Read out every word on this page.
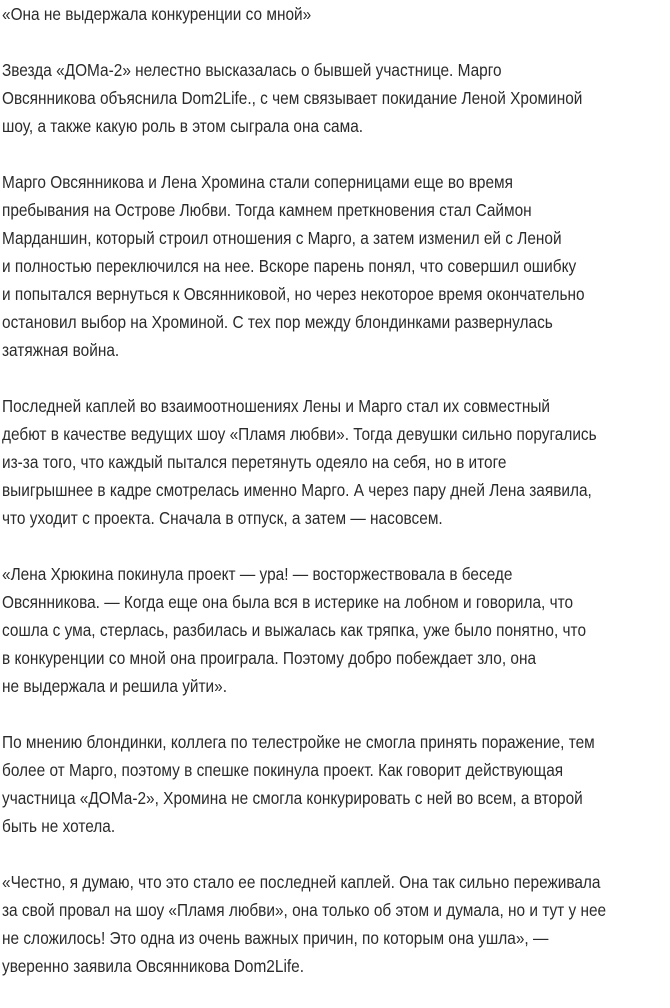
«Она не выдержала конкуренции со мной»

Звезда «ДОМа-2» нелестно высказалась о бывшей участнице. Марго
Овсянникова объяснила Dom2Life., с чем связывает покидание Леной Хроминой
шоу, а также какую роль в этом сыграла она сама.

Марго Овсянникова и Лена Хромина стали соперницами еще во время
пребывания на Острове Любви. Тогда камнем преткновения стал Саймон
Марданшин, который строил отношения с Марго, а затем изменил ей с Леной
и полностью переключился на нее. Вскоре парень понял, что совершил ошибку
и попытался вернуться к Овсянниковой, но через некоторое время окончательно
остановил выбор на Хроминой. С тех пор между блондинками развернулась
затяжная война.

Последней каплей во взаимоотношениях Лены и Марго стал их совместный
дебют в качестве ведущих шоу «Пламя любви». Тогда девушки сильно поругались
из-за того, что каждый пытался перетянуть одеяло на себя, но в итоге
выигрышнее в кадре смотрелась именно Марго. А через пару дней Лена заявила,
что уходит с проекта. Сначала в отпуск, а затем — насовсем.

«Лена Хрюкина покинула проект — ура! — восторжествовала в беседе
Овсянникова. — Когда еще она была вся в истерике на лобном и говорила, что
сошла с ума, стерлась, разбилась и выжалась как тряпка, уже было понятно, что
в конкуренции со мной она проиграла. Поэтому добро побеждает зло, она
не выдержала и решила уйти».

По мнению блондинки, коллега по телестройке не смогла принять поражение, тем
более от Марго, поэтому в спешке покинула проект. Как говорит действующая
участница «ДОМа-2», Хромина не смогла конкурировать с ней во всем, а второй
быть не хотела.

«Честно, я думаю, что это стало ее последней каплей. Она так сильно переживала
за свой провал на шоу «Пламя любви», она только об этом и думала, но и тут у нее
не сложилось! Это одна из очень важных причин, по которым она ушла», —
уверенно заявила Овсянникова Dom2Life.
